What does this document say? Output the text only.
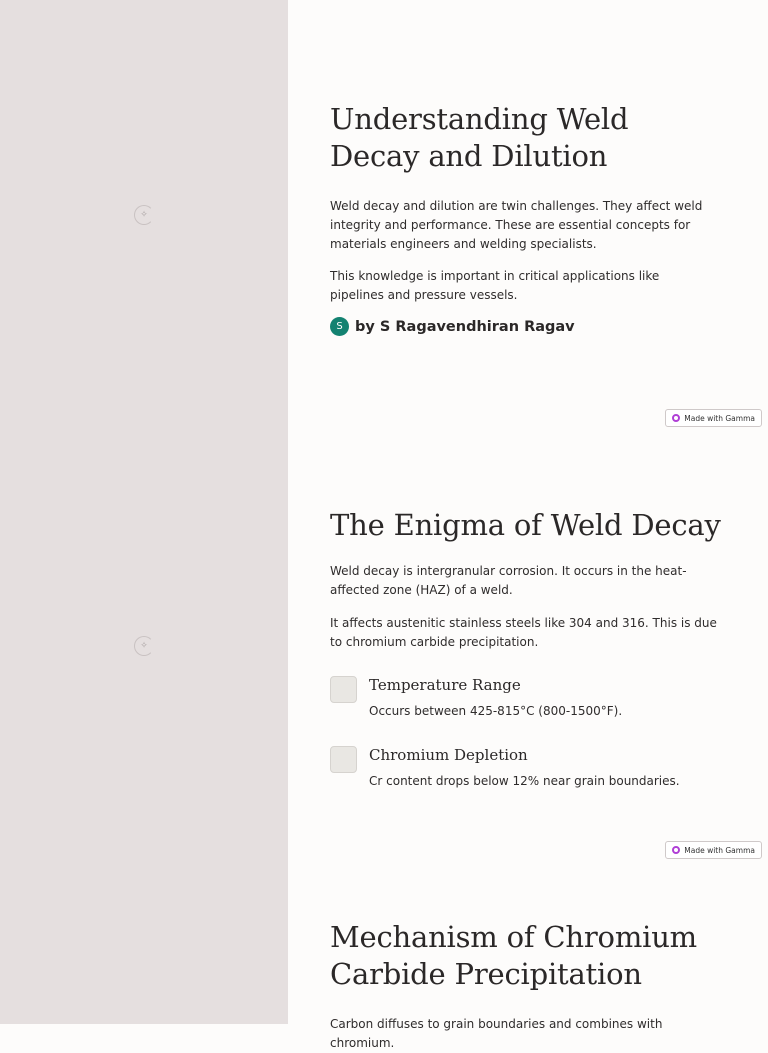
✧
✧
Understanding Weld Decay and Dilution

Weld decay and dilution are twin challenges. They affect weld integrity and performance. These are essential concepts for materials engineers and welding specialists.

This knowledge is important in critical applications like pipelines and pressure vessels.

S by S Ragavendhiran Ragav
Made with Gamma
The Enigma of Weld Decay

Weld decay is intergranular corrosion. It occurs in the heat-affected zone (HAZ) of a weld.

It affects austenitic stainless steels like 304 and 316. This is due to chromium carbide precipitation.

Temperature Range
Occurs between 425-815°C (800-1500°F).
Chromium Depletion
Cr content drops below 12% near grain boundaries.
Made with Gamma
Mechanism of Chromium Carbide Precipitation

Carbon diffuses to grain boundaries and combines with chromium.
